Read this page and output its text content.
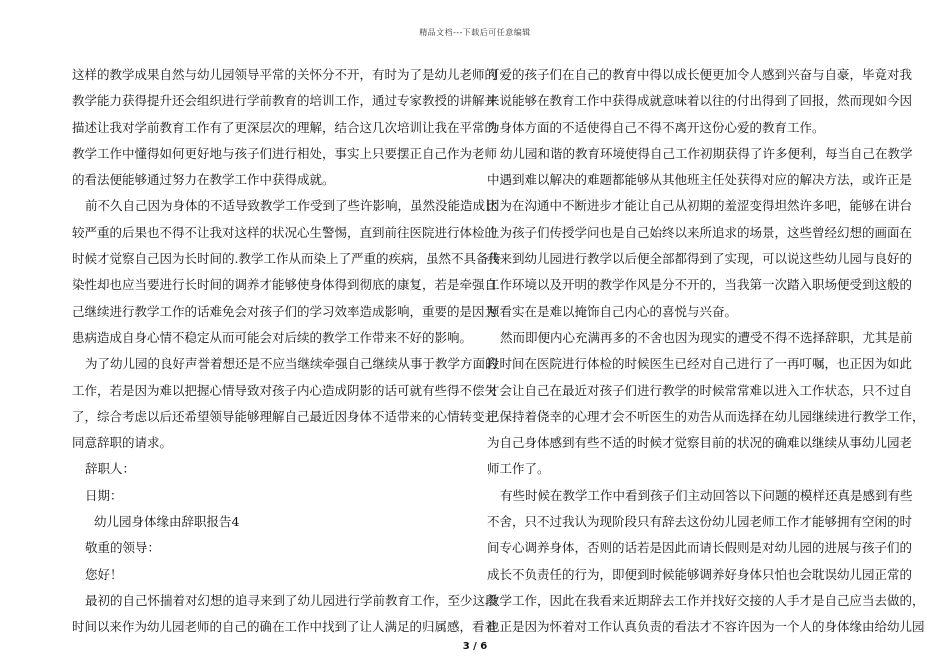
精品文档---下载后可任意编辑
这样的教学成果自然与幼儿园领导平常的关怀分不开，有时为了是幼儿老师的
教学能力获得提升还会组织进行学前教育的培训工作，通过专家教授的讲解并
描述让我对学前教育工作有了更深层次的理解，结合这几次培训让我在平常的
教学工作中懂得如何更好地与孩子们进行相处，事实上只要摆正自己作为老师
的看法便能够通过努力在教学工作中获得成就。
前不久自己因为身体的不适导致教学工作受到了些许影响，虽然没能造成比
较严重的后果也不得不让我对这样的状况心生警惕，直到前往医院进行体检的
时候才觉察自己因为长时间的.教学工作从而染上了严重的疾病，虽然不具备传
染性却也应当要进行长时间的调养才能够使身体得到彻底的康复，若是牵强自
己继续进行教学工作的话难免会对孩子们的学习效率造成影响，重要的是因为
患病造成自身心情不稳定从而可能会对后续的教学工作带来不好的影响。
为了幼儿园的良好声誉着想还是不应当继续牵强自己继续从事于教学方面的
工作，若是因为难以把握心情导致对孩子内心造成阴影的话可就有些得不偿失
了，综合考虑以后还希望领导能够理解自己最近因身体不适带来的心情转变并
同意辞职的请求。
辞职人：
日期：
幼儿园身体缘由辞职报告4
敬重的领导：
您好！
最初的自己怀揣着对幻想的追寻来到了幼儿园进行学前教育工作，至少这段
时间以来作为幼儿园老师的自己的确在工作中找到了让人满足的归属感，看着
可爱的孩子们在自己的教育中得以成长便更加令人感到兴奋与自豪，毕竟对我
来说能够在教育工作中获得成就意味着以往的付出得到了回报，然而现如今因
为身体方面的不适使得自己不得不离开这份心爱的教育工作。
幼儿园和谐的教育环境使得自己工作初期获得了许多便利，每当自己在教学
中遇到难以解决的难题都能够从其他班主任处获得对应的解决方法，或许正是
因为在沟通中不断进步才能让自己从初期的羞涩变得坦然许多吧，能够在讲台
上为孩子们传授学问也是自己始终以来所追求的场景，这些曾经幻想的画面在
我来到幼儿园进行教学以后便全部都得到了实现，可以说这些幼儿园与良好的
工作环境以及开明的教学作风是分不开的，当我第一次踏入职场便受到这般的
照看实在是难以掩饰自己内心的喜悦与兴奋。
然而即便内心充满再多的不舍也因为现实的遭受不得不选择辞职，尤其是前
段时间在医院进行体检的时候医生已经对自己进行了一再叮嘱，也正因为如此
才会让自己在最近对孩子们进行教学的时候常常难以进入工作状态，只不过自
己保持着侥幸的心理才会不听医生的劝告从而选择在幼儿园继续进行教学工作，
为自己身体感到有些不适的时候才觉察目前的状况的确难以继续从事幼儿园老
师工作了。
有些时候在教学工作中看到孩子们主动回答以下问题的模样还真是感到有些
不舍，只不过我认为现阶段只有辞去这份幼儿园老师工作才能够拥有空闲的时
间专心调养身体，否则的话若是因此而请长假则是对幼儿园的进展与孩子们的
成长不负责任的行为，即便到时候能够调养好身体只怕也会耽误幼儿园正常的
教学工作，因此在我看来近期辞去工作并找好交接的人手才是自己应当去做的，
也正是因为怀着对工作认真负责的看法才不容许因为一个人的身体缘由给幼儿园
3 / 6
